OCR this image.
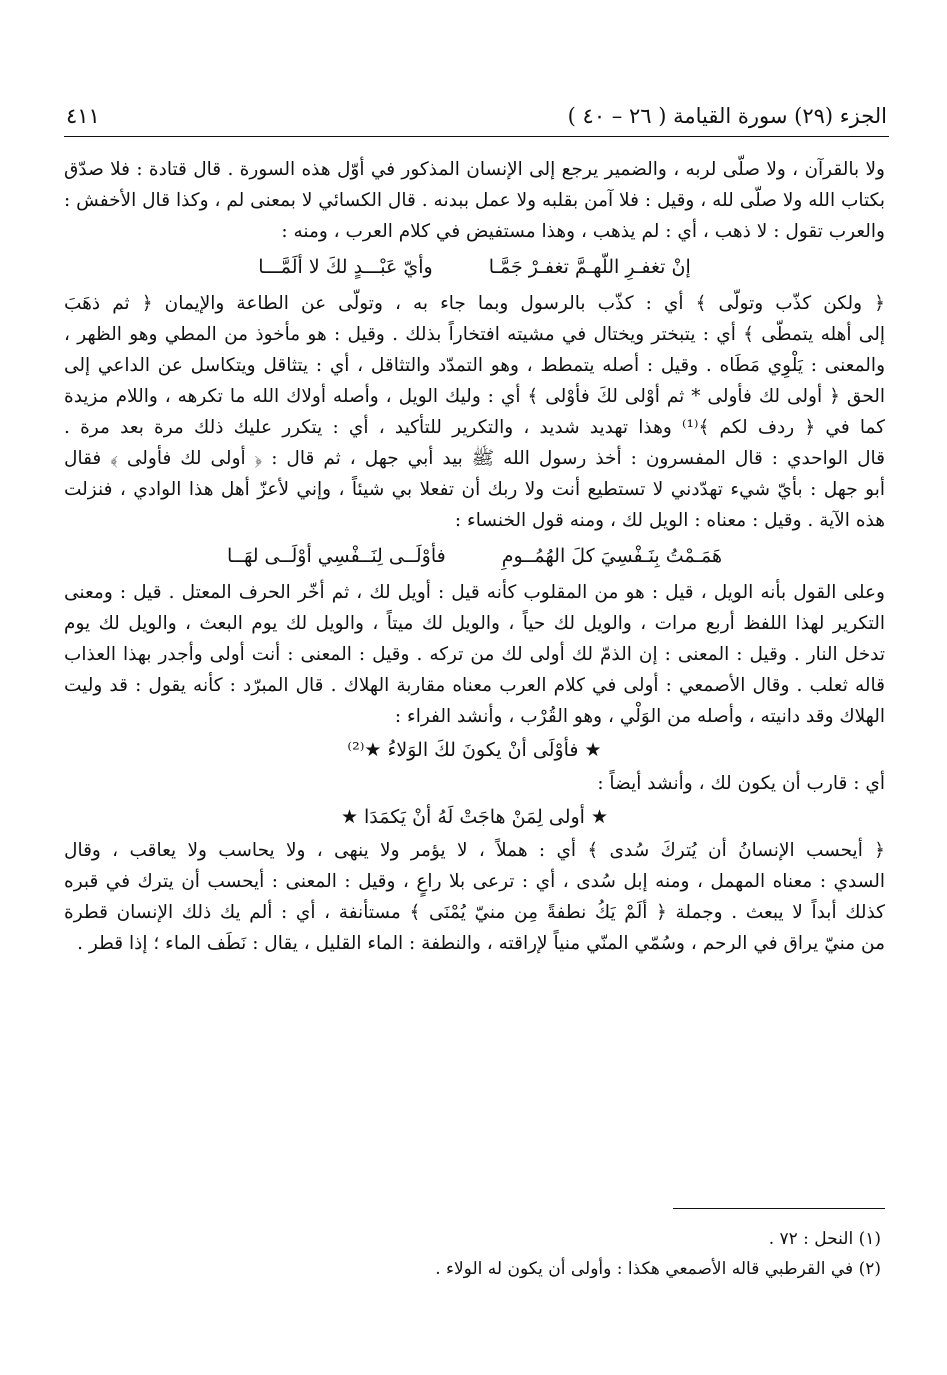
الجزء (٢٩) سورة القيامة ( ٢٦ – ٤٠ )
٤١١

ولا بالقرآن ، ولا صلّى لربه ، والضمير يرجع إلى الإنسان المذكور في أوّل هذه السورة . قال قتادة : فلا صدّق

بكتاب الله ولا صلّى لله ، وقيل : فلا آمن بقلبه ولا عمل ببدنه . قال الكسائي لا بمعنى لم ، وكذا قال الأخفش :

والعرب تقول : لا ذهب ، أي : لم يذهب ، وهذا مستفيض في كلام العرب ، ومنه :

إنْ تغفـرِ اللّهـمَّ تغفـرْ جَمَّـا
وأيّ عَبْـــدٍ لكَ لا ألَمَّـــا

﴿ ولكن كذّب وتولّى ﴾ أي : كذّب بالرسول وبما جاء به ، وتولّى عن الطاعة والإيمان ﴿ ثم ذهَبَ

إلى أهله يتمطّى ﴾ أي : يتبختر ويختال في مشيته افتخاراً بذلك . وقيل : هو مأخوذ من المطي وهو الظهر ،

والمعنى : يَلْوِي مَطَاه . وقيل : أصله يتمطط ، وهو التمدّد والتثاقل ، أي : يتثاقل ويتكاسل عن الداعي إلى

الحق ﴿ أولى لك فأولى * ثم أوْلى لكَ فأوْلى ﴾ أي : وليك الويل ، وأصله أولاك الله ما تكرهه ، واللام مزيدة

كما في ﴿ ردف لكم ﴾⁽¹⁾ وهذا تهديد شديد ، والتكرير للتأكيد ، أي : يتكرر عليك ذلك مرة بعد مرة .

قال الواحدي : قال المفسرون : أخذ رسول الله ﷺ بيد أبي جهل ، ثم قال : ﴿ أولى لك فأولى ﴾ فقال

أبو جهل : بأيّ شيء تهدّدني لا تستطيع أنت ولا ربك أن تفعلا بي شيئاً ، وإني لأعزّ أهل هذا الوادي ، فنزلت

هذه الآية . وقيل : معناه : الويل لك ، ومنه قول الخنساء :

هَمَـمْتُ بِنَـفْسِيَ كلَ الهُمُــومِ
فأوْلَــى لِنَــفْسِي أوْلَــى لهَــا

وعلى القول بأنه الويل ، قيل : هو من المقلوب كأنه قيل : أويل لك ، ثم أخّر الحرف المعتل . قيل : ومعنى

التكرير لهذا اللفظ أربع مرات ، والويل لك حياً ، والويل لك ميتاً ، والويل لك يوم البعث ، والويل لك يوم

تدخل النار . وقيل : المعنى : إن الذمّ لك أولى لك من تركه . وقيل : المعنى : أنت أولى وأجدر بهذا العذاب

قاله ثعلب . وقال الأصمعي : أولى في كلام العرب معناه مقاربة الهلاك . قال المبرّد : كأنه يقول : قد وليت

الهلاك وقد دانيته ، وأصله من الوَلْي ، وهو القُرْب ، وأنشد الفراء :

★ فأوْلَى أنْ يكونَ لكَ الوَلاءُ ★⁽²⁾

أي : قارب أن يكون لك ، وأنشد أيضاً :

★ أولى لِمَنْ هاجَتْ لَهُ أنْ يَكمَدَا ★

﴿ أيحسب الإنسانُ أن يُتركَ سُدى ﴾ أي : هملاً ، لا يؤمر ولا ينهى ، ولا يحاسب ولا يعاقب ، وقال

السدي : معناه المهمل ، ومنه إبل سُدى ، أي : ترعى بلا راعٍ ، وقيل : المعنى : أيحسب أن يترك في قبره

كذلك أبداً لا يبعث . وجملة ﴿ ألَمْ يَكُ نطفةً مِن منيّ يُمْنَى ﴾ مستأنفة ، أي : ألم يك ذلك الإنسان قطرة

من منيّ يراق في الرحم ، وسُمّي المنّي منياً لإراقته ، والنطفة : الماء القليل ، يقال : نَطَف الماء ؛ إذا قطر .

(١) النحل : ٧٢ .

(٢) في القرطبي قاله الأصمعي هكذا : وأولى أن يكون له الولاء .
